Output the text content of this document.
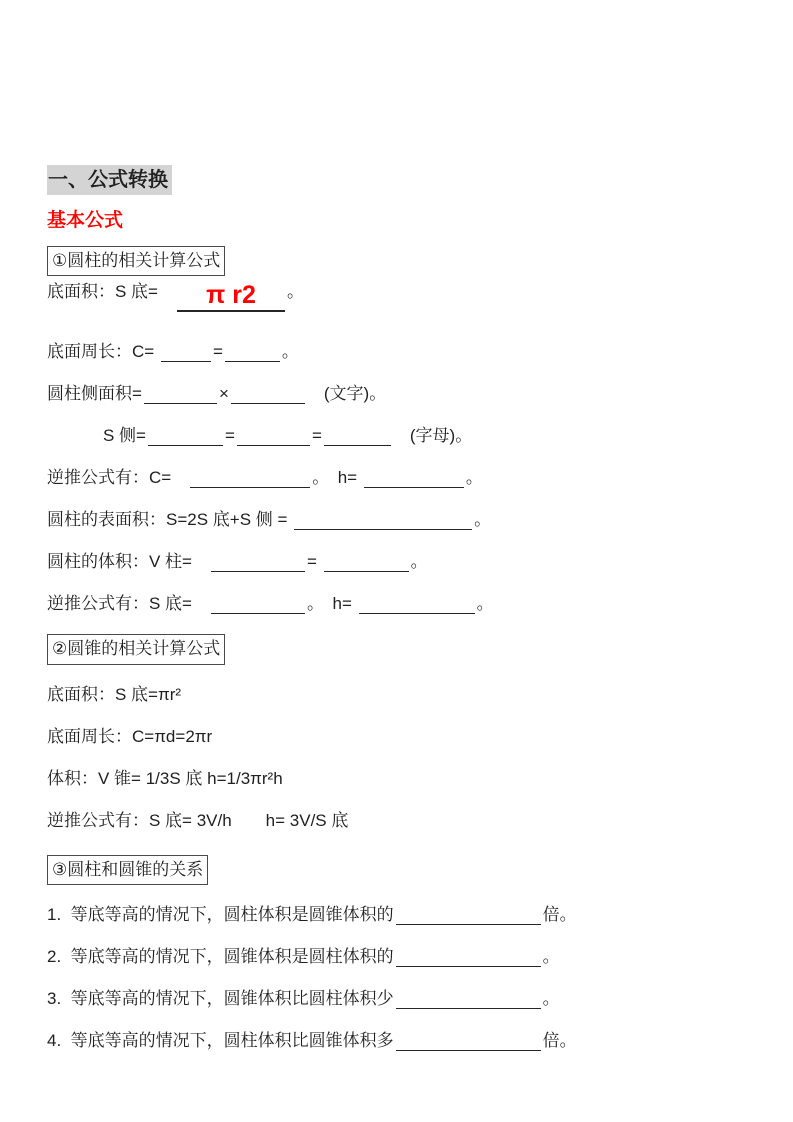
一、公式转换
基本公式
①圆柱的相关计算公式

底面积：S 底=　π r2 。

底面周长：C=	=	。

圆柱侧面积=	×	　(文字)。

S 侧=	=	=	　(字母)。

逆推公式有：C=　	。　h=	。

圆柱的表面积：S=2S 底+S 侧 =	。

圆柱的体积：V 柱=　	=	。

逆推公式有：S 底=　	。　h=	。

②圆锥的相关计算公式

底面积：S 底=πr²

底面周长：C=πd=2πr

体积：V 锥= 1/3S 底 h=1/3πr²h

逆推公式有：S 底= 3V/h　　h= 3V/S 底

③圆柱和圆锥的关系

1.  等底等高的情况下，圆柱体积是圆锥体积的	倍。

2.  等底等高的情况下，圆锥体积是圆柱体积的	。

3.  等底等高的情况下，圆锥体积比圆柱体积少	。

4.  等底等高的情况下，圆柱体积比圆锥体积多	倍。
